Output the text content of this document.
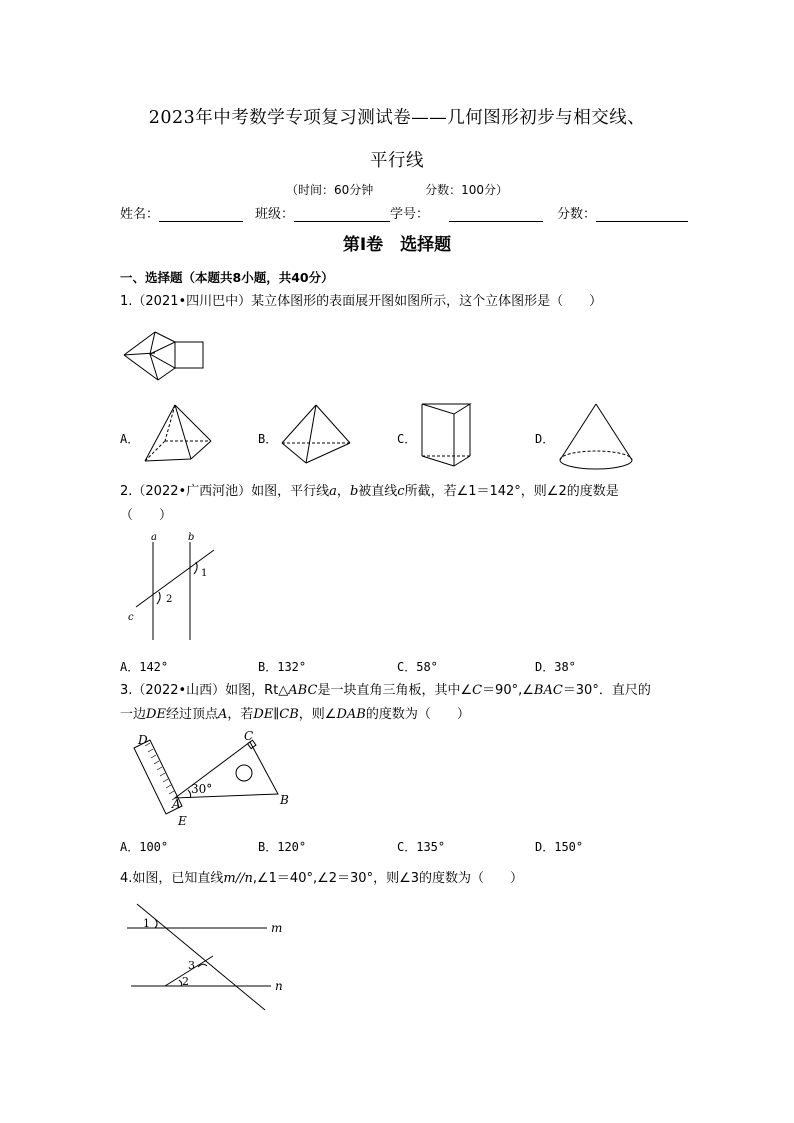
2023年中考数学专项复习测试卷——几何图形初步与相交线、
平行线
（时间：60分钟	分数：100分）
姓名：	班级：	学号：	分数：
第Ⅰ卷　选择题
一、选择题（本题共8小题，共40分）
1.（2021•四川巴中）某立体图形的表面展开图如图所示，这个立体图形是（　　）
A．	B．	C．	D．
2.（2022•广西河池）如图，平行线a，b被直线c所截，若∠1＝142°，则∠2的度数是
（　　）
a	b
c
1
2
A．142°	B．132°	C．58°	D．38°
3.（2022•山西）如图，Rt△ABC是一块直角三角板，其中∠C＝90°,∠BAC＝30°．直尺的
一边DE经过顶点A，若DE∥CB，则∠DAB的度数为（　　）
D	C
A	B
E
30°
A．100°	B．120°	C．135°	D．150°
4.如图，已知直线m//n,∠1＝40°,∠2＝30°，则∠3的度数为（　　）
1
2
3
m
n
